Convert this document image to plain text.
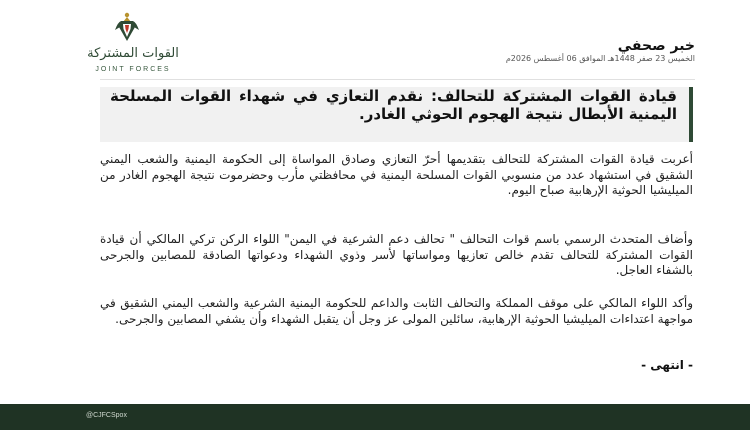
القوات المشتركة
JOINT FORCES
خبر صحفي
الخميس 23 صفر 1448هـ الموافق 06 أغسطس 2026م

قيادة القوات المشتركة للتحالف: نقدم التعازي في شهداء القوات المسلحة اليمنية الأبطال نتيجة الهجوم الحوثي الغادر.

أعربت قيادة القوات المشتركة للتحالف بتقديمها أحرّ التعازي وصادق المواساة إلى الحكومة اليمنية والشعب اليمني الشقيق في استشهاد عدد من منسوبي القوات المسلحة اليمنية في محافظتي مأرب وحضرموت نتيجة الهجوم الغادر من الميليشيا الحوثية الإرهابية صباح اليوم.

وأضاف المتحدث الرسمي باسم قوات التحالف " تحالف دعم الشرعية في اليمن" اللواء الركن تركي المالكي أن قيادة القوات المشتركة للتحالف تقدم خالص تعازيها ومواساتها لأسر وذوي الشهداء ودعواتها الصادقة للمصابين والجرحى بالشفاء العاجل.

وأكد اللواء المالكي على موقف المملكة والتحالف الثابت والداعم للحكومة اليمنية الشرعية والشعب اليمني الشقيق في مواجهة اعتداءات الميليشيا الحوثية الإرهابية، سائلين المولى عز وجل أن يتقبل الشهداء وأن يشفي المصابين والجرحى.

- انتهى -

@CJFCSpox
